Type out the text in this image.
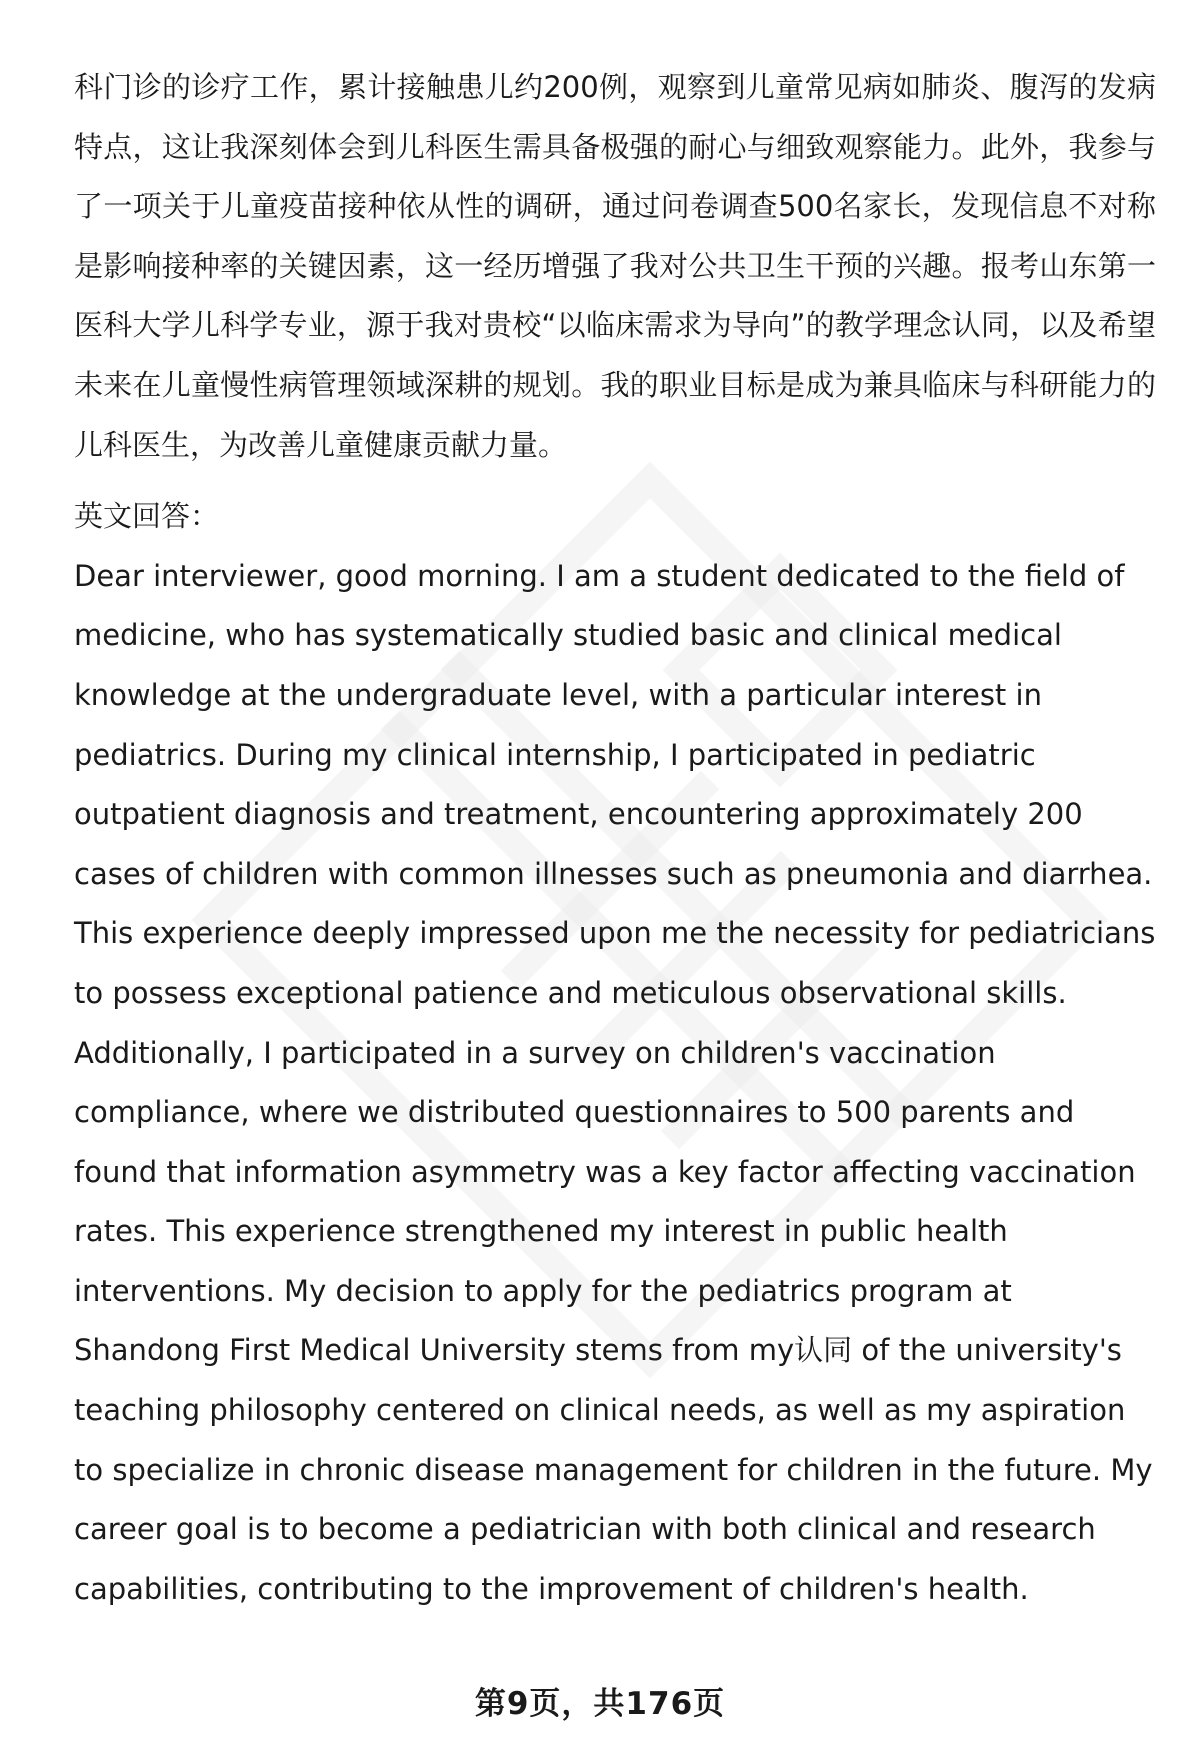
科门诊的诊疗工作，累计接触患儿约200例，观察到儿童常见病如肺炎、腹泻的发病特点，这让我深刻体会到儿科医生需具备极强的耐心与细致观察能力。此外，我参与了一项关于儿童疫苗接种依从性的调研，通过问卷调查500名家长，发现信息不对称是影响接种率的关键因素，这一经历增强了我对公共卫生干预的兴趣。报考山东第一医科大学儿科学专业，源于我对贵校“以临床需求为导向”的教学理念认同，以及希望未来在儿童慢性病管理领域深耕的规划。我的职业目标是成为兼具临床与科研能力的儿科医生，为改善儿童健康贡献力量。

英文回答：

Dear interviewer, good morning. I am a student dedicated to the field of medicine, who has systematically studied basic and clinical medical knowledge at the undergraduate level, with a particular interest in pediatrics. During my clinical internship, I participated in pediatric outpatient diagnosis and treatment, encountering approximately 200 cases of children with common illnesses such as pneumonia and diarrhea. This experience deeply impressed upon me the necessity for pediatricians to possess exceptional patience and meticulous observational skills. Additionally, I participated in a survey on children's vaccination compliance, where we distributed questionnaires to 500 parents and found that information asymmetry was a key factor affecting vaccination rates. This experience strengthened my interest in public health interventions. My decision to apply for the pediatrics program at Shandong First Medical University stems from my认同 of the university's teaching philosophy centered on clinical needs, as well as my aspiration to specialize in chronic disease management for children in the future. My career goal is to become a pediatrician with both clinical and research capabilities, contributing to the improvement of children's health.

第9页，共176页
